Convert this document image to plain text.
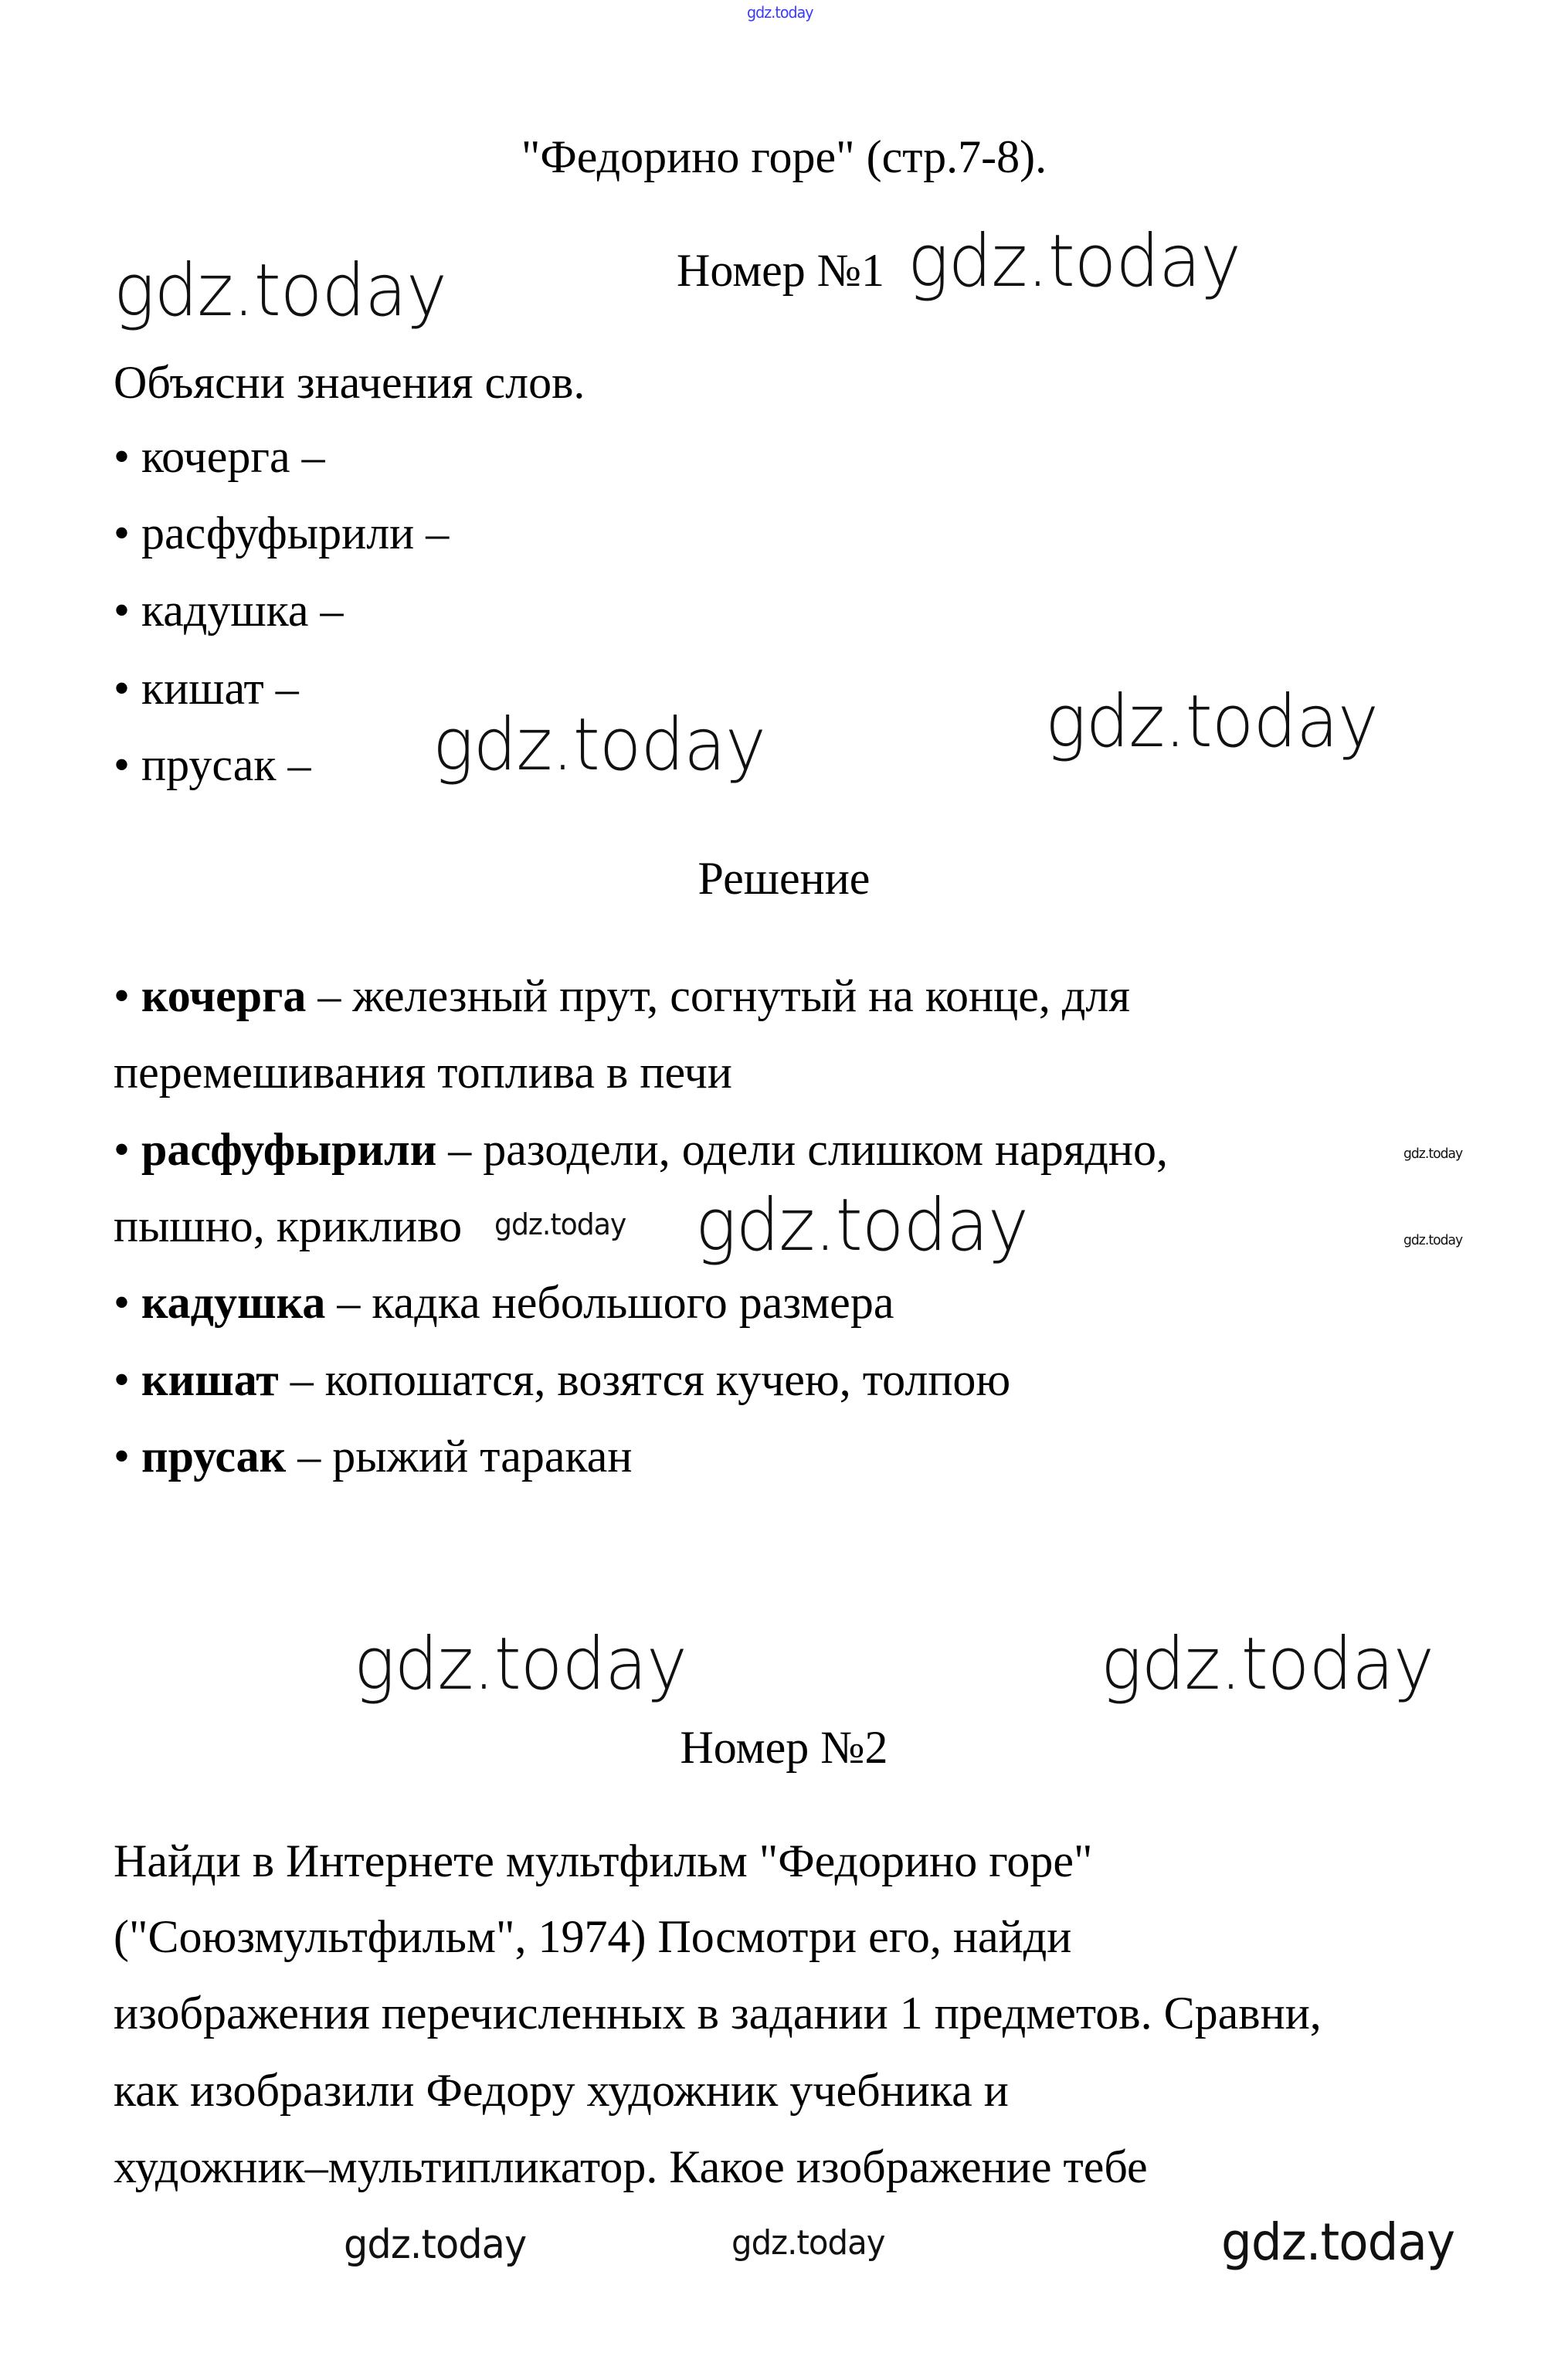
gdz.today
gdz.today	gdz.today
gdz.today
gdz.today
gdz.today
gdz.today
gdz.today
gdz.today
gdz.today	gdz.today
gdz.today	gdz.today	gdz.today
"Федорино горе" (стр.7-8).
Номер №1
Объясни значения слов.
• кочерга –
• расфуфырили –
• кадушка –
• кишат –
• прусак –
Решение
• кочерга – железный прут, согнутый на конце, для
перемешивания топлива в печи
• расфуфырили – разодели, одели слишком нарядно,
пышно, крикливо
• кадушка – кадка небольшого размера
• кишат – копошатся, возятся кучею, толпою
• прусак – рыжий таракан
Номер №2
Найди в Интернете мультфильм "Федорино горе"
("Союзмультфильм", 1974) Посмотри его, найди
изображения перечисленных в задании 1 предметов. Сравни,
как изобразили Федору художник учебника и
художник–мультипликатор. Какое изображение тебе
